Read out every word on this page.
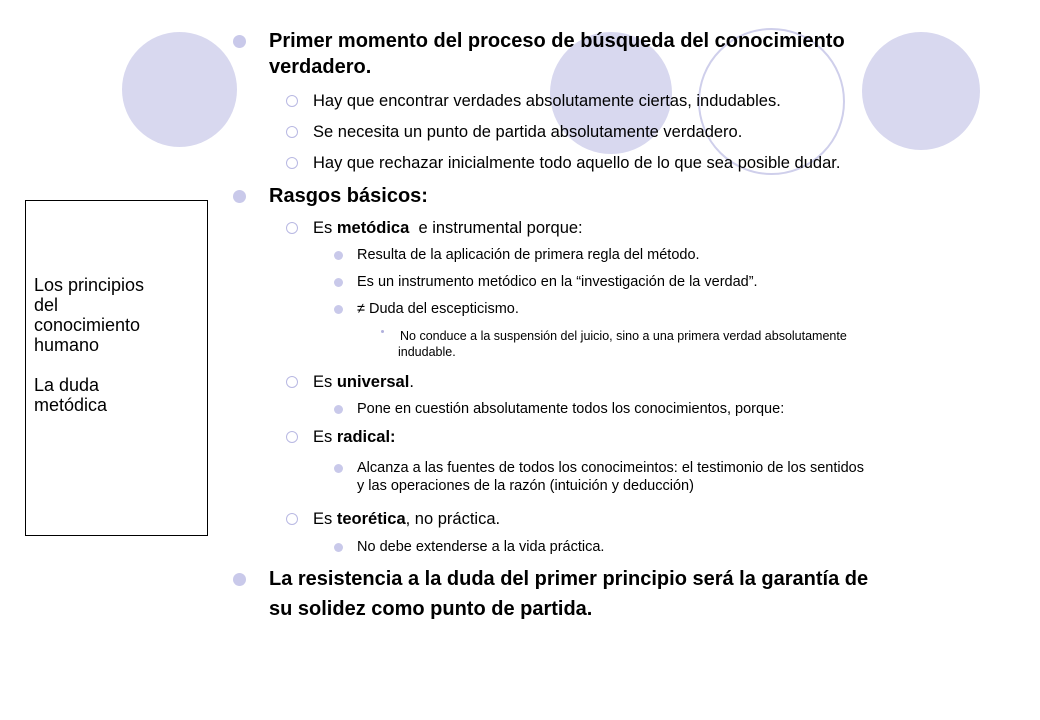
Los principios
del
conocimiento
humano
La duda
metódica
Primer momento del proceso de búsqueda del conocimiento
verdadero.
Hay que encontrar verdades absolutamente ciertas, indudables.
Se necesita un punto de partida absolutamente verdadero.
Hay que rechazar inicialmente todo aquello de lo que sea posible dudar.
Rasgos básicos:
Es metódica  e instrumental porque:
Resulta de la aplicación de primera regla del método.
Es un instrumento metódico en la “investigación de la verdad”.
≠ Duda del escepticismo.
No conduce a la suspensión del juicio, sino a una primera verdad absolutamente
indudable.
Es universal.
Pone en cuestión absolutamente todos los conocimientos, porque:
Es radical:
Alcanza a las fuentes de todos los conocimeintos: el testimonio de los sentidos
y las operaciones de la razón (intuición y deducción)
Es teorética, no práctica.
No debe extenderse a la vida práctica.
La resistencia a la duda del primer principio será la garantía de
su solidez como punto de partida.
